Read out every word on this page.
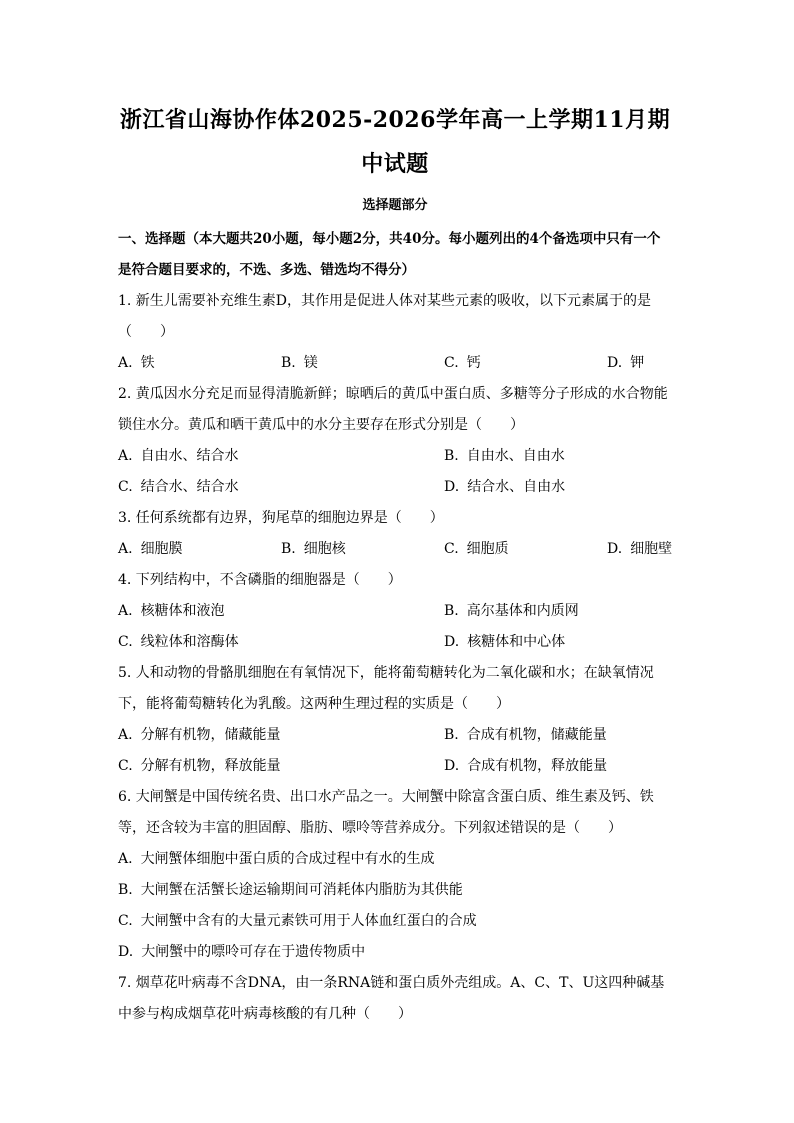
浙江省山海协作体2025-2026学年高一上学期11月期中试题
选择题部分
一、选择题（本大题共20小题，每小题2分，共40分。每小题列出的4个备选项中只有一个是符合题目要求的，不选、多选、错选均不得分）
1. 新生儿需要补充维生素D，其作用是促进人体对某些元素的吸收，以下元素属于的是（　　）
A. 铁	B. 镁	C. 钙	D. 钾
2. 黄瓜因水分充足而显得清脆新鲜；晾晒后的黄瓜中蛋白质、多糖等分子形成的水合物能锁住水分。黄瓜和晒干黄瓜中的水分主要存在形式分别是（　　）
A. 自由水、结合水	B. 自由水、自由水
C. 结合水、结合水	D. 结合水、自由水
3. 任何系统都有边界，狗尾草的细胞边界是（　　）
A. 细胞膜	B. 细胞核	C. 细胞质	D. 细胞壁
4. 下列结构中，不含磷脂的细胞器是（　　）
A. 核糖体和液泡	B. 高尔基体和内质网
C. 线粒体和溶酶体	D. 核糖体和中心体
5. 人和动物的骨骼肌细胞在有氧情况下，能将葡萄糖转化为二氧化碳和水；在缺氧情况下，能将葡萄糖转化为乳酸。这两种生理过程的实质是（　　）
A. 分解有机物，储藏能量	B. 合成有机物，储藏能量
C. 分解有机物，释放能量	D. 合成有机物，释放能量
6. 大闸蟹是中国传统名贵、出口水产品之一。大闸蟹中除富含蛋白质、维生素及钙、铁等，还含较为丰富的胆固醇、脂肪、嘌呤等营养成分。下列叙述错误的是（　　）
A. 大闸蟹体细胞中蛋白质的合成过程中有水的生成
B. 大闸蟹在活蟹长途运输期间可消耗体内脂肪为其供能
C. 大闸蟹中含有的大量元素铁可用于人体血红蛋白的合成
D. 大闸蟹中的嘌呤可存在于遗传物质中
7. 烟草花叶病毒不含DNA，由一条RNA链和蛋白质外壳组成。A、C、T、U这四种碱基中参与构成烟草花叶病毒核酸的有几种（　　）
